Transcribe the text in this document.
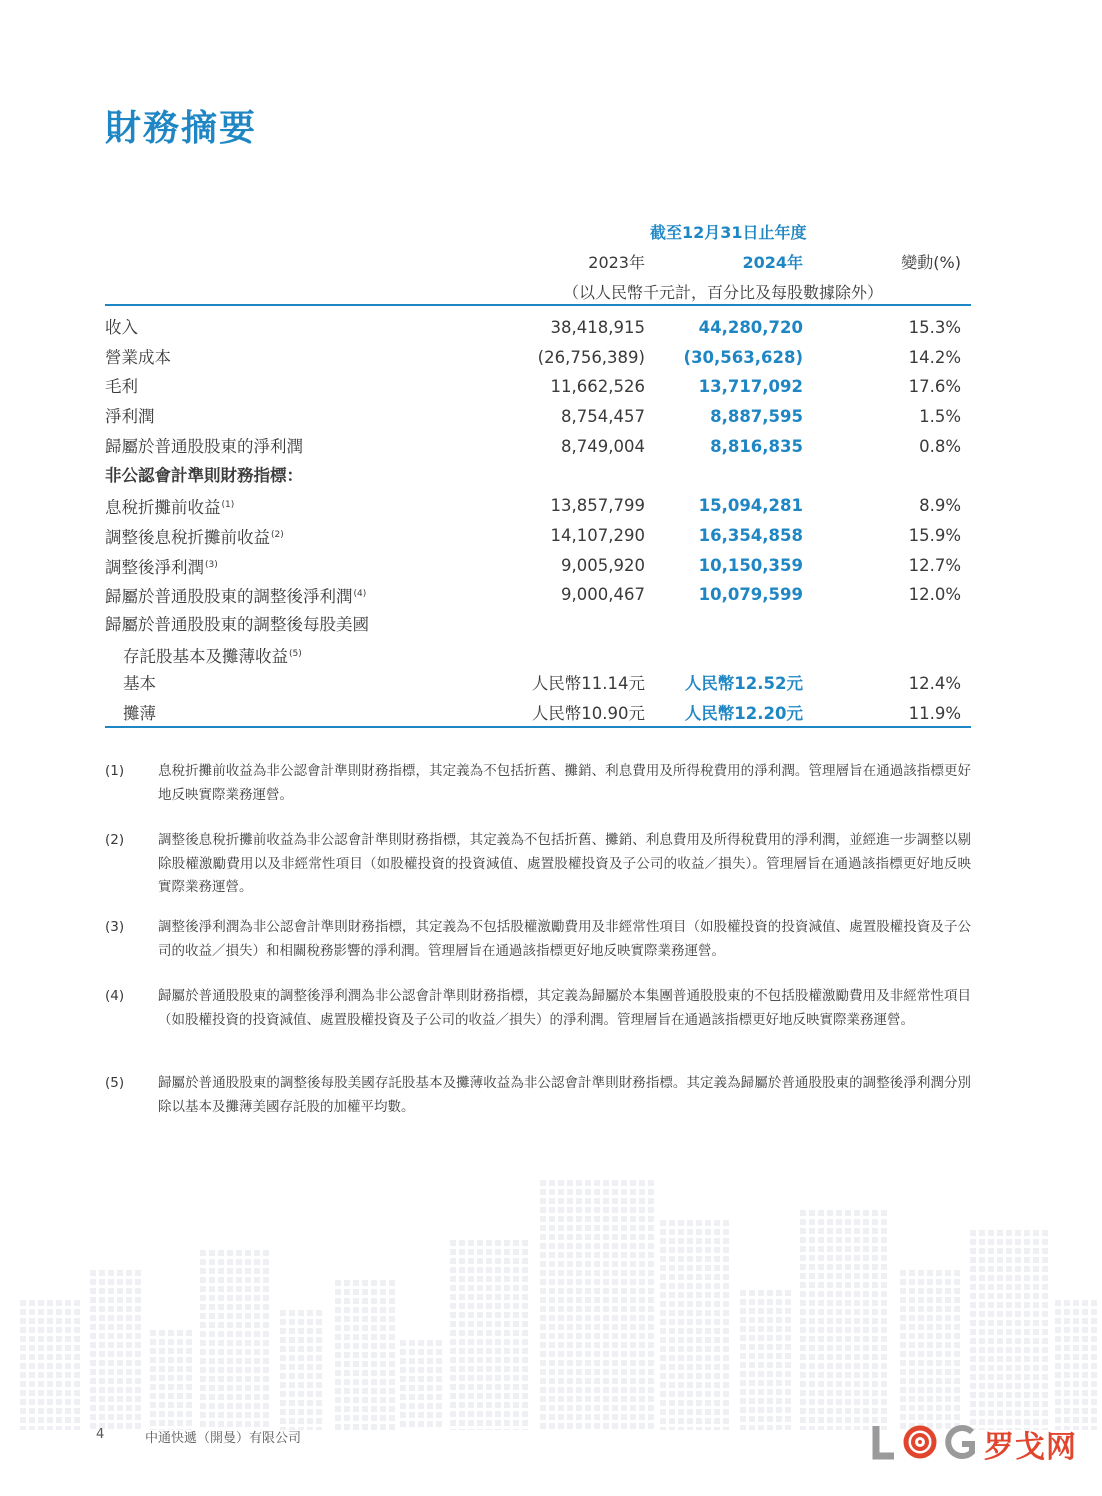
財務摘要
截至12月31日止年度
2023年	2024年	變動(%)
（以人民幣千元計，百分比及每股數據除外）
收入	38,418,915	44,280,720	15.3%
營業成本	(26,756,389) (30,563,628)	14.2%
毛利	11,662,526	13,717,092	17.6%
淨利潤	8,754,457	8,887,595	1.5%
歸屬於普通股股東的淨利潤	8,749,004	8,816,835	0.8%
非公認會計準則財務指標：
息稅折攤前收益$^{(1)}$	13,857,799	15,094,281	8.9%
調整後息稅折攤前收益$^{(2)}$	14,107,290	16,354,858	15.9%
調整後淨利潤$^{(3)}$	9,005,920	10,150,359	12.7%
歸屬於普通股股東的調整後淨利潤$^{(4)}$	9,000,467	10,079,599	12.0%
歸屬於普通股股東的調整後每股美國
存託股基本及攤薄收益$^{(5)}$
基本	人民幣11.14元 人民幣12.52元	12.4%
攤薄	人民幣10.90元 人民幣12.20元	11.9%
(1)	息稅折攤前收益為非公認會計準則財務指標，其定義為不包括折舊、攤銷、利息費用及所得稅費用的淨利潤。管理層旨在通過該指標更好地反映實際業務運營。
(2)	調整後息稅折攤前收益為非公認會計準則財務指標，其定義為不包括折舊、攤銷、利息費用及所得稅費用的淨利潤，並經進一步調整以剔除股權激勵費用以及非經常性項目（如股權投資的投資減值、處置股權投資及子公司的收益／損失）。管理層旨在通過該指標更好地反映實際業務運營。
(3)	調整後淨利潤為非公認會計準則財務指標，其定義為不包括股權激勵費用及非經常性項目（如股權投資的投資減值、處置股權投資及子公司的收益／損失）和相關稅務影響的淨利潤。管理層旨在通過該指標更好地反映實際業務運營。
(4)	歸屬於普通股股東的調整後淨利潤為非公認會計準則財務指標，其定義為歸屬於本集團普通股股東的不包括股權激勵費用及非經常性項目（如股權投資的投資減值、處置股權投資及子公司的收益／損失）的淨利潤。管理層旨在通過該指標更好地反映實際業務運營。
(5)	歸屬於普通股股東的調整後每股美國存託股基本及攤薄收益為非公認會計準則財務指標。其定義為歸屬於普通股股東的調整後淨利潤分別除以基本及攤薄美國存託股的加權平均數。
4	中通快遞（開曼）有限公司	罗戈网
